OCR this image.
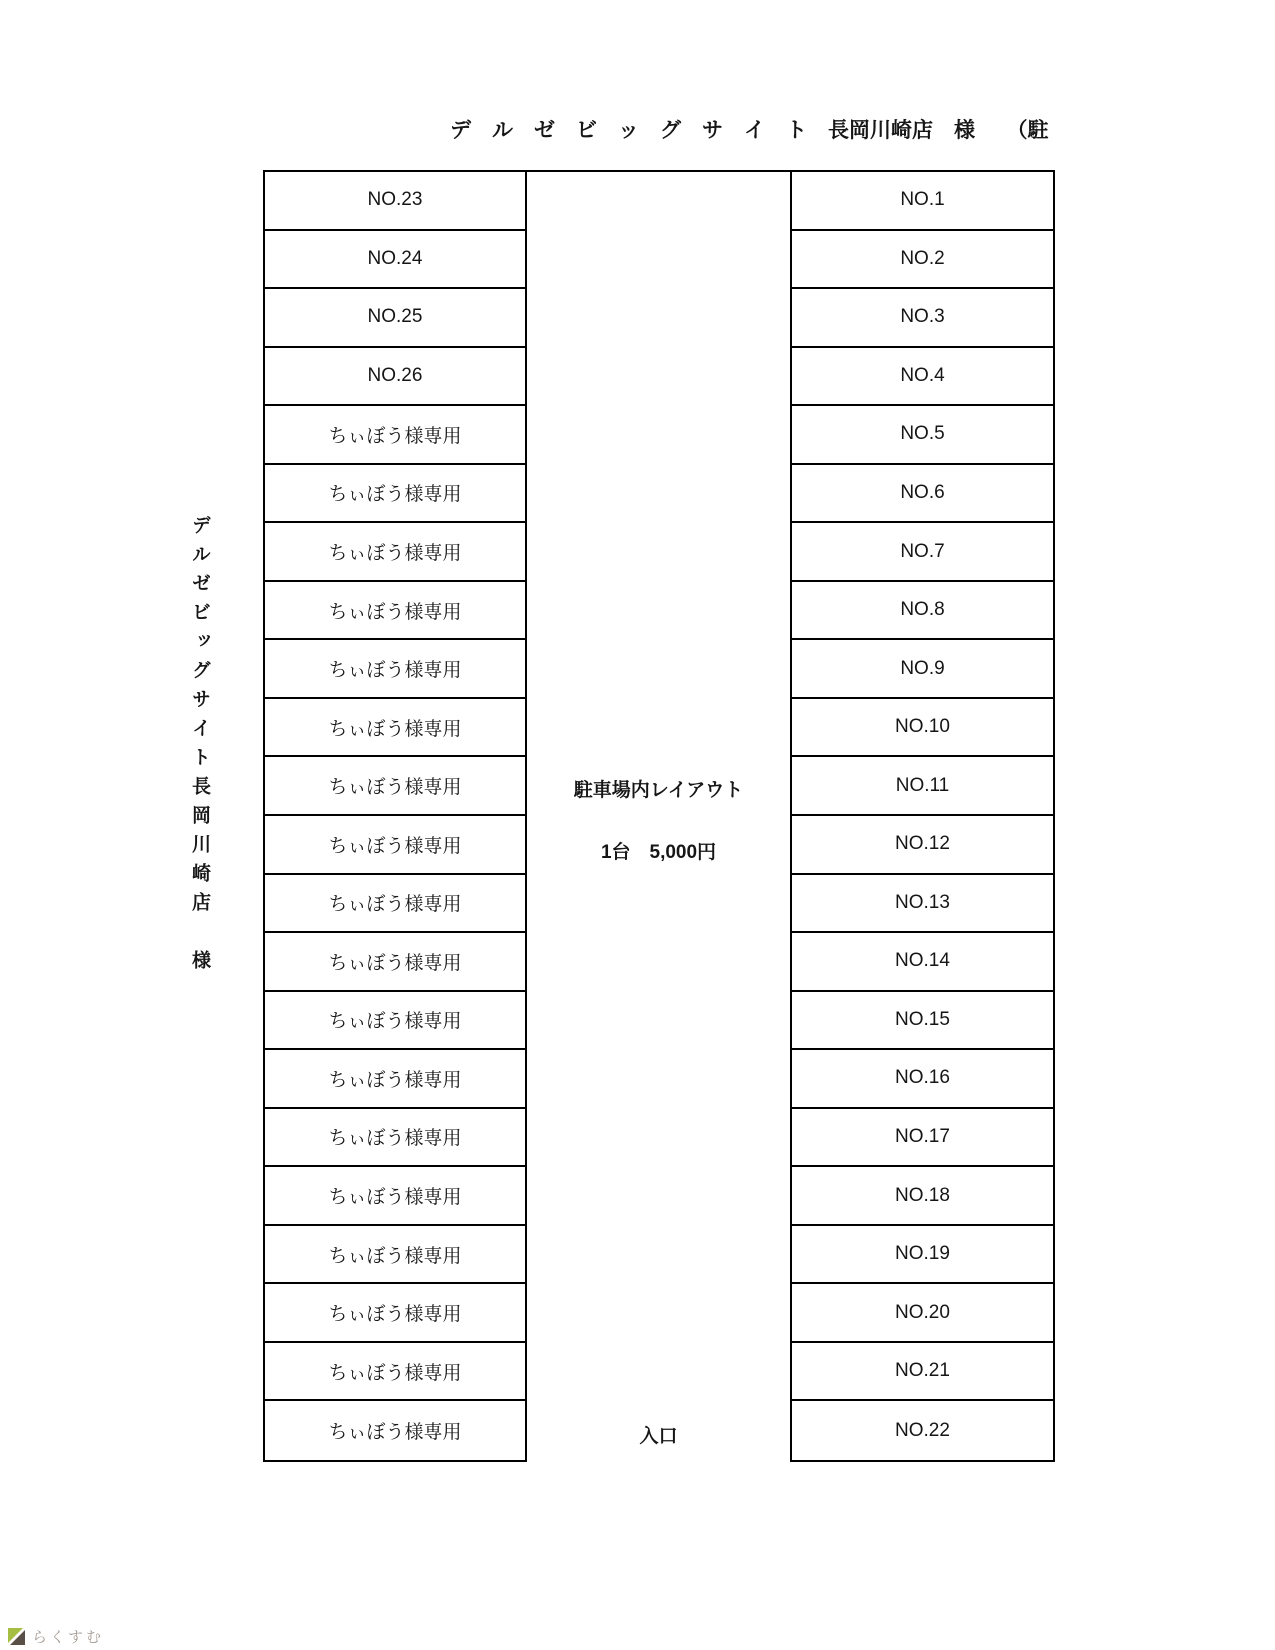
デ　ル　ゼ　ビ　ッ　グ　サ　イ　ト　長岡川崎店　様　　（駐
デルゼビッグサイト長岡川崎店　様
NO.23
NO.24
NO.25
NO.26
ちぃぼう様専用
ちぃぼう様専用
ちぃぼう様専用
ちぃぼう様専用
ちぃぼう様専用
ちぃぼう様専用
ちぃぼう様専用
ちぃぼう様専用
ちぃぼう様専用
ちぃぼう様専用
ちぃぼう様専用
ちぃぼう様専用
ちぃぼう様専用
ちぃぼう様専用
ちぃぼう様専用
ちぃぼう様専用
ちぃぼう様専用
ちぃぼう様専用
NO.1
NO.2
NO.3
NO.4
NO.5
NO.6
NO.7
NO.8
NO.9
NO.10
NO.11
NO.12
NO.13
NO.14
NO.15
NO.16
NO.17
NO.18
NO.19
NO.20
NO.21
NO.22
駐車場内レイアウト
1台　5,000円
入口
らくすむ
